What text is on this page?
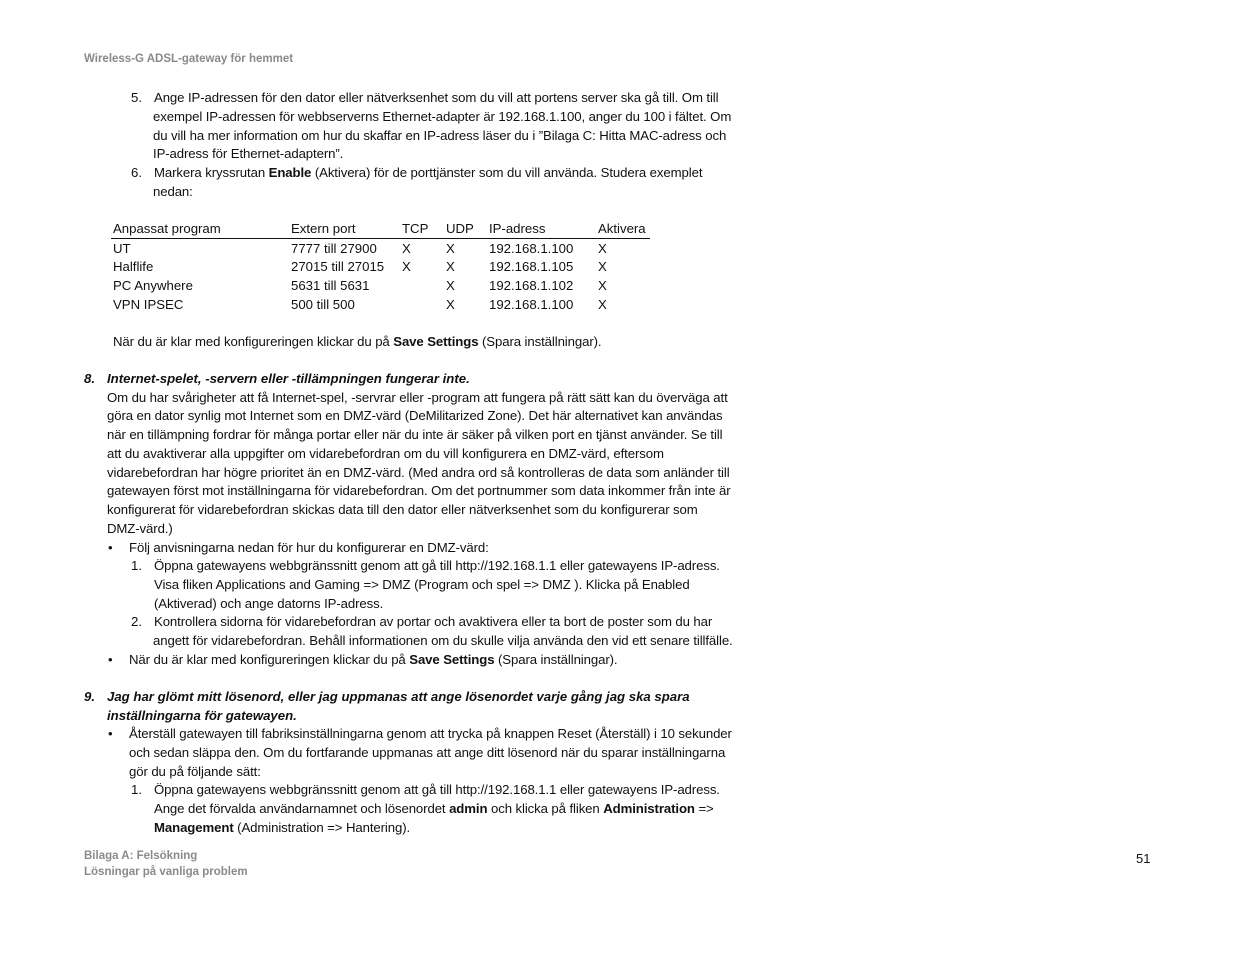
Wireless-G ADSL-gateway för hemmet
5. Ange IP-adressen för den dator eller nätverksenhet som du vill att portens server ska gå till. Om till
exempel IP-adressen för webbserverns Ethernet-adapter är 192.168.1.100, anger du 100 i fältet. Om
du vill ha mer information om hur du skaffar en IP-adress läser du i ”Bilaga C: Hitta MAC-adress och
IP-adress för Ethernet-adaptern”.
6. Markera kryssrutan Enable (Aktivera) för de porttjänster som du vill använda. Studera exemplet
nedan:
Anpassat program	Extern port	TCP	UDP	IP-adress	Aktivera
UT	7777 till 27900	X	X	192.168.1.100	X
Halflife	27015 till 27015	X	X	192.168.1.105	X
PC Anywhere	5631 till 5631		X	192.168.1.102	X
VPN IPSEC	500 till 500		X	192.168.1.100	X
När du är klar med konfigureringen klickar du på Save Settings (Spara inställningar).
8. Internet-spelet, -servern eller -tillämpningen fungerar inte.
Om du har svårigheter att få Internet-spel, -servrar eller -program att fungera på rätt sätt kan du överväga att
göra en dator synlig mot Internet som en DMZ-värd (DeMilitarized Zone). Det här alternativet kan användas
när en tillämpning fordrar för många portar eller när du inte är säker på vilken port en tjänst använder. Se till
att du avaktiverar alla uppgifter om vidarebefordran om du vill konfigurera en DMZ-värd, eftersom
vidarebefordran har högre prioritet än en DMZ-värd. (Med andra ord så kontrolleras de data som anländer till
gatewayen först mot inställningarna för vidarebefordran. Om det portnummer som data inkommer från inte är
konfigurerat för vidarebefordran skickas data till den dator eller nätverksenhet som du konfigurerar som
DMZ-värd.)
• Följ anvisningarna nedan för hur du konfigurerar en DMZ-värd:
1. Öppna gatewayens webbgränssnitt genom att gå till http://192.168.1.1 eller gatewayens IP-adress.
Visa fliken Applications and Gaming => DMZ (Program och spel => DMZ ). Klicka på Enabled
(Aktiverad) och ange datorns IP-adress.
2. Kontrollera sidorna för vidarebefordran av portar och avaktivera eller ta bort de poster som du har
angett för vidarebefordran. Behåll informationen om du skulle vilja använda den vid ett senare tillfälle.
• När du är klar med konfigureringen klickar du på Save Settings (Spara inställningar).
9. Jag har glömt mitt lösenord, eller jag uppmanas att ange lösenordet varje gång jag ska spara
inställningarna för gatewayen.
• Återställ gatewayen till fabriksinställningarna genom att trycka på knappen Reset (Återställ) i 10 sekunder
och sedan släppa den. Om du fortfarande uppmanas att ange ditt lösenord när du sparar inställningarna
gör du på följande sätt:
1. Öppna gatewayens webbgränssnitt genom att gå till http://192.168.1.1 eller gatewayens IP-adress.
Ange det förvalda användarnamnet och lösenordet admin och klicka på fliken Administration =>
Management (Administration => Hantering).
Bilaga A: Felsökning
Lösningar på vanliga problem
51
